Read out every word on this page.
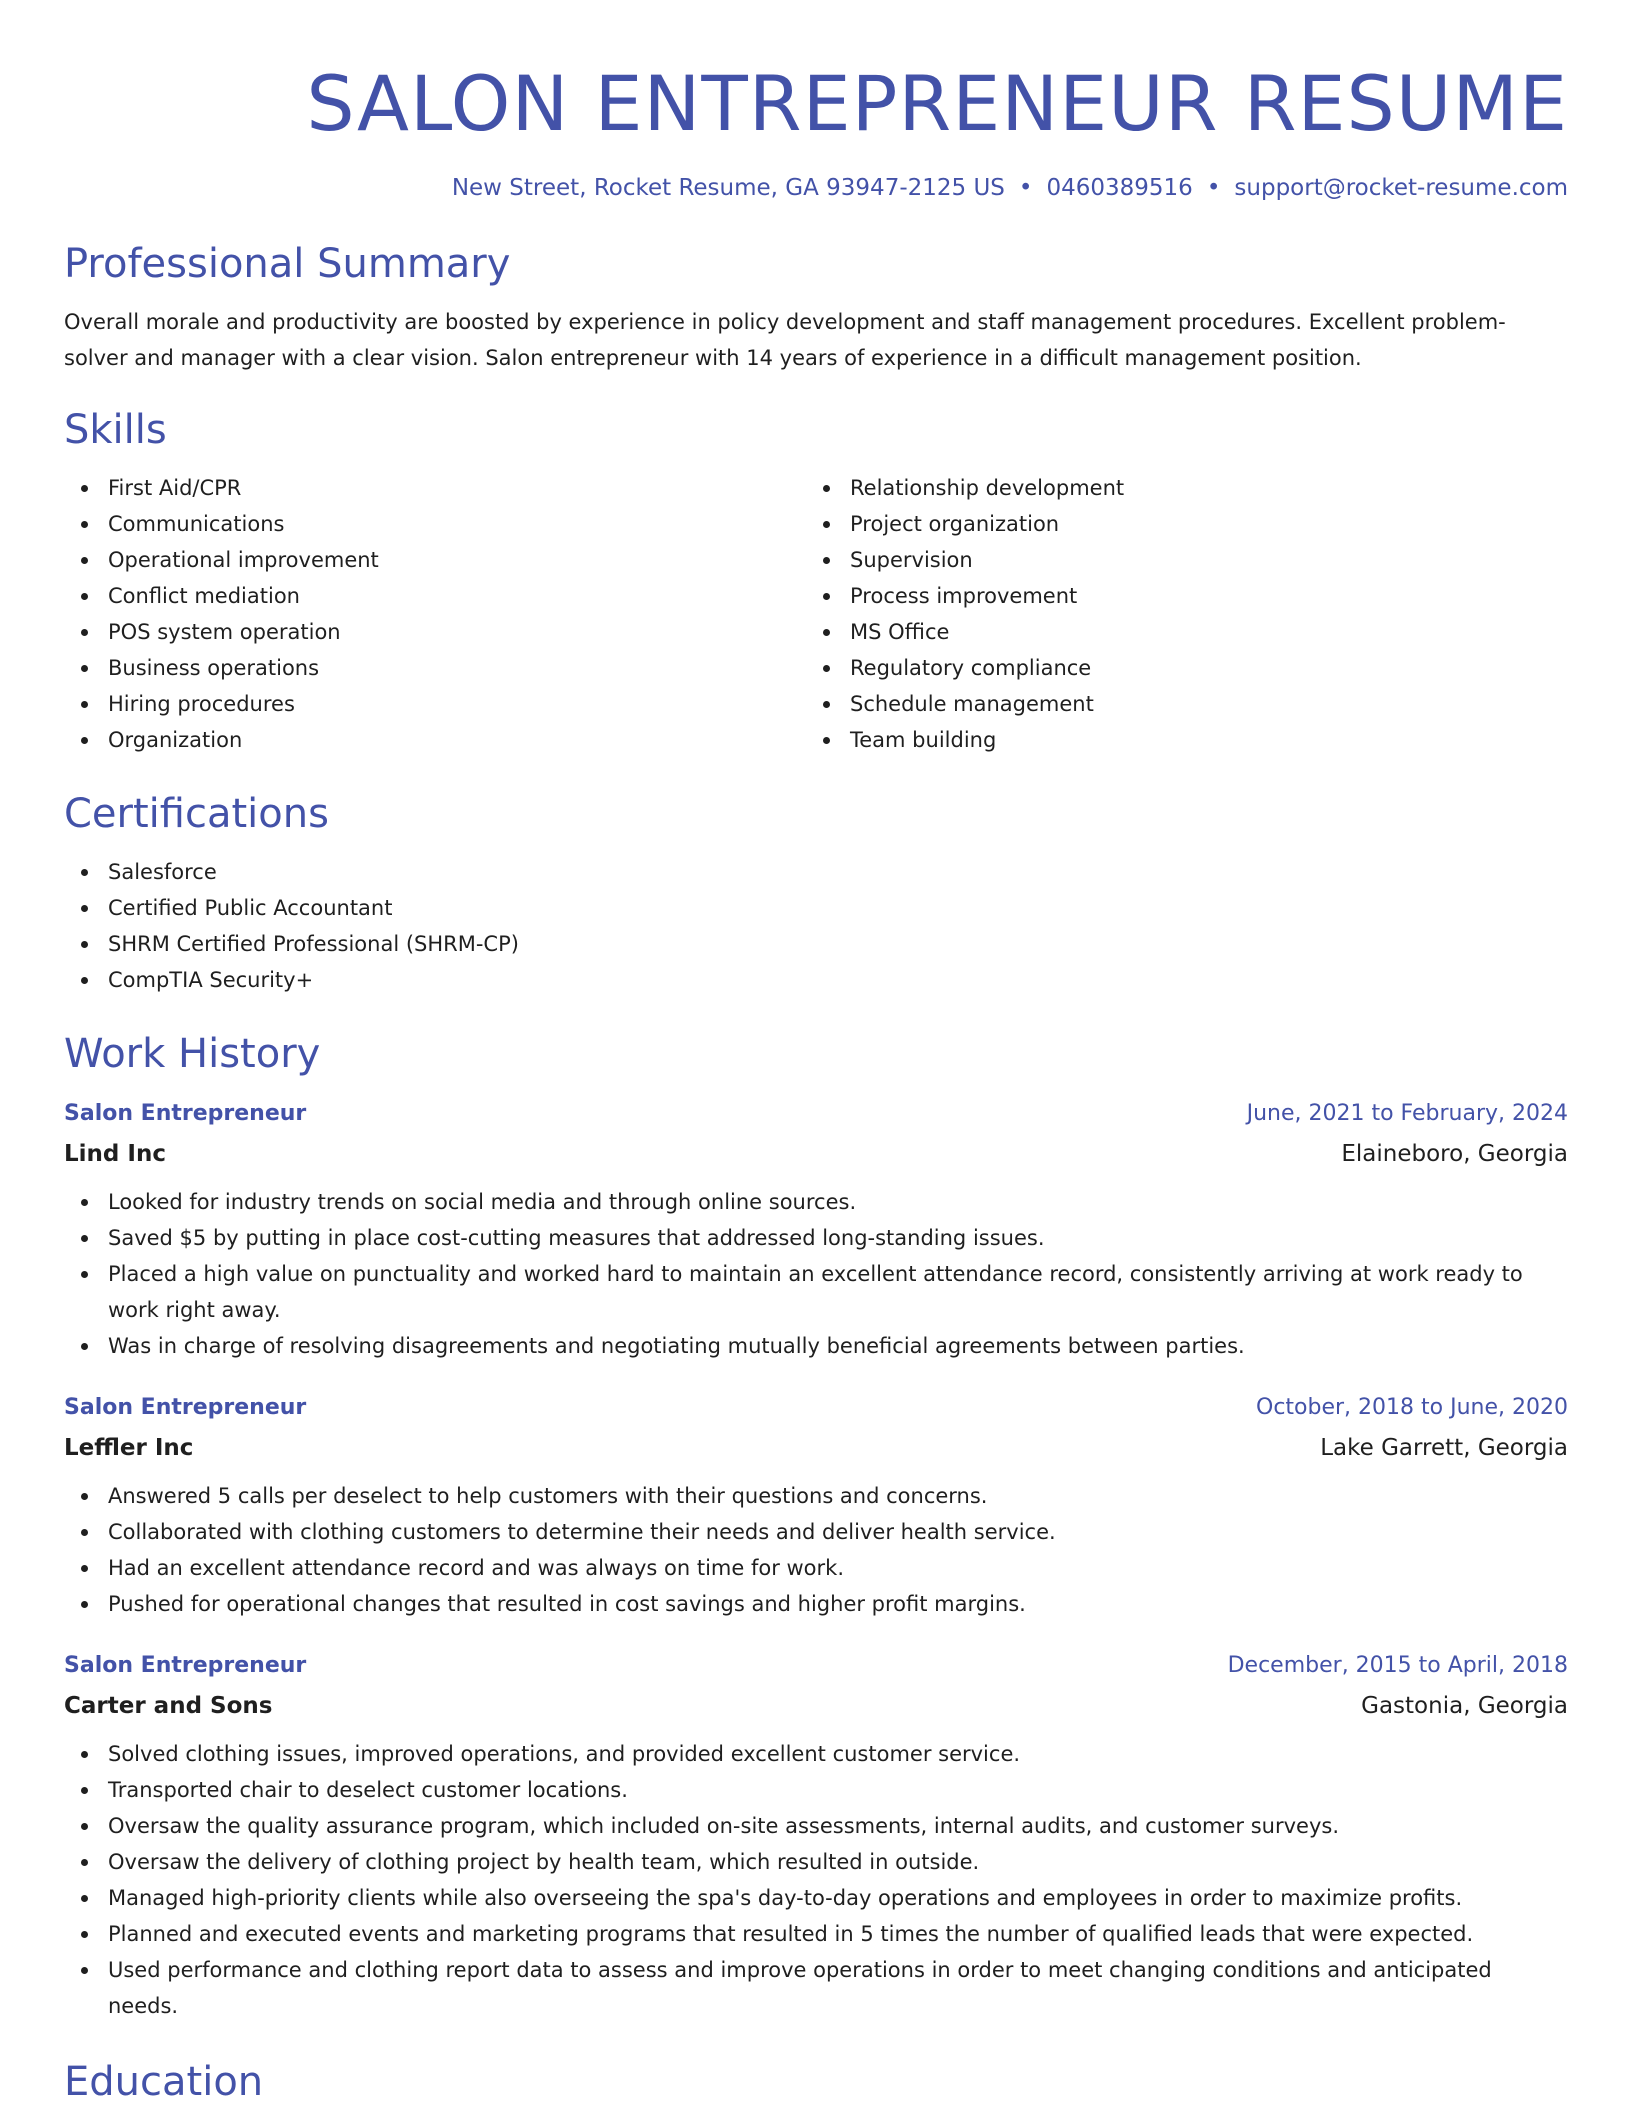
SALON ENTREPRENEUR RESUME
New Street, Rocket Resume, GA 93947-2125 US • 0460389516 • support@rocket-resume.com
Professional Summary

Overall morale and productivity are boosted by experience in policy development and staff management procedures. Excellent problem-solver and manager with a clear vision. Salon entrepreneur with 14 years of experience in a difficult management position.

Skills
First Aid/CPR
Communications
Operational improvement
Conflict mediation
POS system operation
Business operations
Hiring procedures
Organization
Relationship development
Project organization
Supervision
Process improvement
MS Office
Regulatory compliance
Schedule management
Team building
Certifications
Salesforce
Certified Public Accountant
SHRM Certified Professional (SHRM-CP)
CompTIA Security+
Work History
Salon Entrepreneur	June, 2021 to February, 2024
Lind Inc	Elaineboro, Georgia
Looked for industry trends on social media and through online sources.
Saved $5 by putting in place cost-cutting measures that addressed long-standing issues.
Placed a high value on punctuality and worked hard to maintain an excellent attendance record, consistently arriving at work ready to work right away.
Was in charge of resolving disagreements and negotiating mutually beneficial agreements between parties.
Salon Entrepreneur	October, 2018 to June, 2020
Leffler Inc	Lake Garrett, Georgia
Answered 5 calls per deselect to help customers with their questions and concerns.
Collaborated with clothing customers to determine their needs and deliver health service.
Had an excellent attendance record and was always on time for work.
Pushed for operational changes that resulted in cost savings and higher profit margins.
Salon Entrepreneur	December, 2015 to April, 2018
Carter and Sons	Gastonia, Georgia
Solved clothing issues, improved operations, and provided excellent customer service.
Transported chair to deselect customer locations.
Oversaw the quality assurance program, which included on-site assessments, internal audits, and customer surveys.
Oversaw the delivery of clothing project by health team, which resulted in outside.
Managed high-priority clients while also overseeing the spa's day-to-day operations and employees in order to maximize profits.
Planned and executed events and marketing programs that resulted in 5 times the number of qualified leads that were expected.
Used performance and clothing report data to assess and improve operations in order to meet changing conditions and anticipated needs.
Education
